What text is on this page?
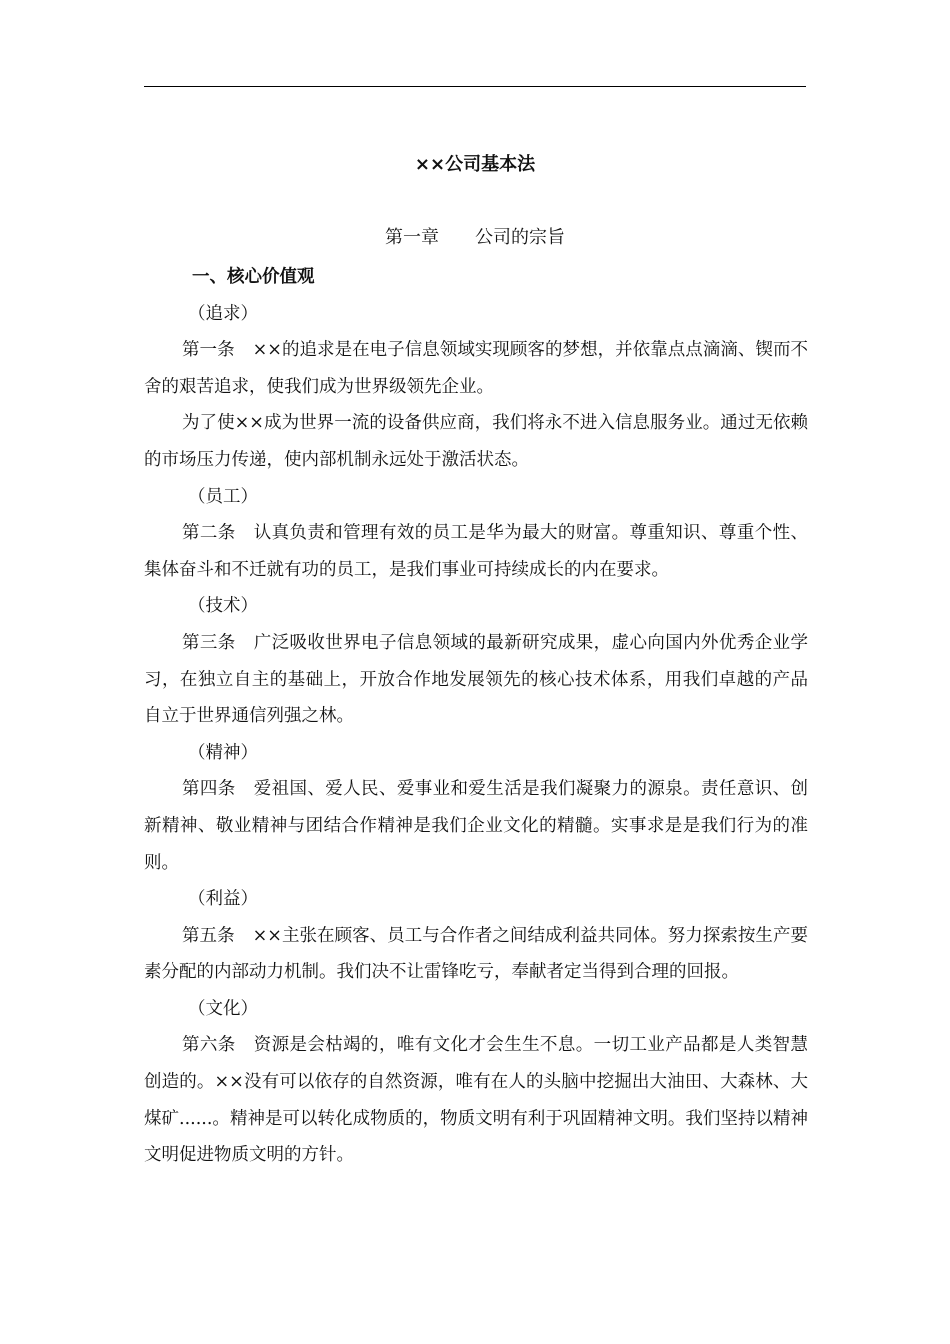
××公司基本法
第一章 公司的宗旨

一、核心价值观

（追求）

第一条 ××的追求是在电子信息领域实现顾客的梦想，并依靠点点滴滴、锲而不舍的艰苦追求，使我们成为世界级领先企业。

为了使××成为世界一流的设备供应商，我们将永不进入信息服务业。通过无依赖的市场压力传递，使内部机制永远处于激活状态。

（员工）

第二条 认真负责和管理有效的员工是华为最大的财富。尊重知识、尊重个性、集体奋斗和不迁就有功的员工，是我们事业可持续成长的内在要求。

（技术）

第三条 广泛吸收世界电子信息领域的最新研究成果，虚心向国内外优秀企业学习，在独立自主的基础上，开放合作地发展领先的核心技术体系，用我们卓越的产品自立于世界通信列强之林。

（精神）

第四条 爱祖国、爱人民、爱事业和爱生活是我们凝聚力的源泉。责任意识、创新精神、敬业精神与团结合作精神是我们企业文化的精髓。实事求是是我们行为的准则。

（利益）

第五条 ××主张在顾客、员工与合作者之间结成利益共同体。努力探索按生产要素分配的内部动力机制。我们决不让雷锋吃亏，奉献者定当得到合理的回报。

（文化）

第六条 资源是会枯竭的，唯有文化才会生生不息。一切工业产品都是人类智慧创造的。××没有可以依存的自然资源，唯有在人的头脑中挖掘出大油田、大森林、大煤矿......。精神是可以转化成物质的，物质文明有利于巩固精神文明。我们坚持以精神文明促进物质文明的方针。
